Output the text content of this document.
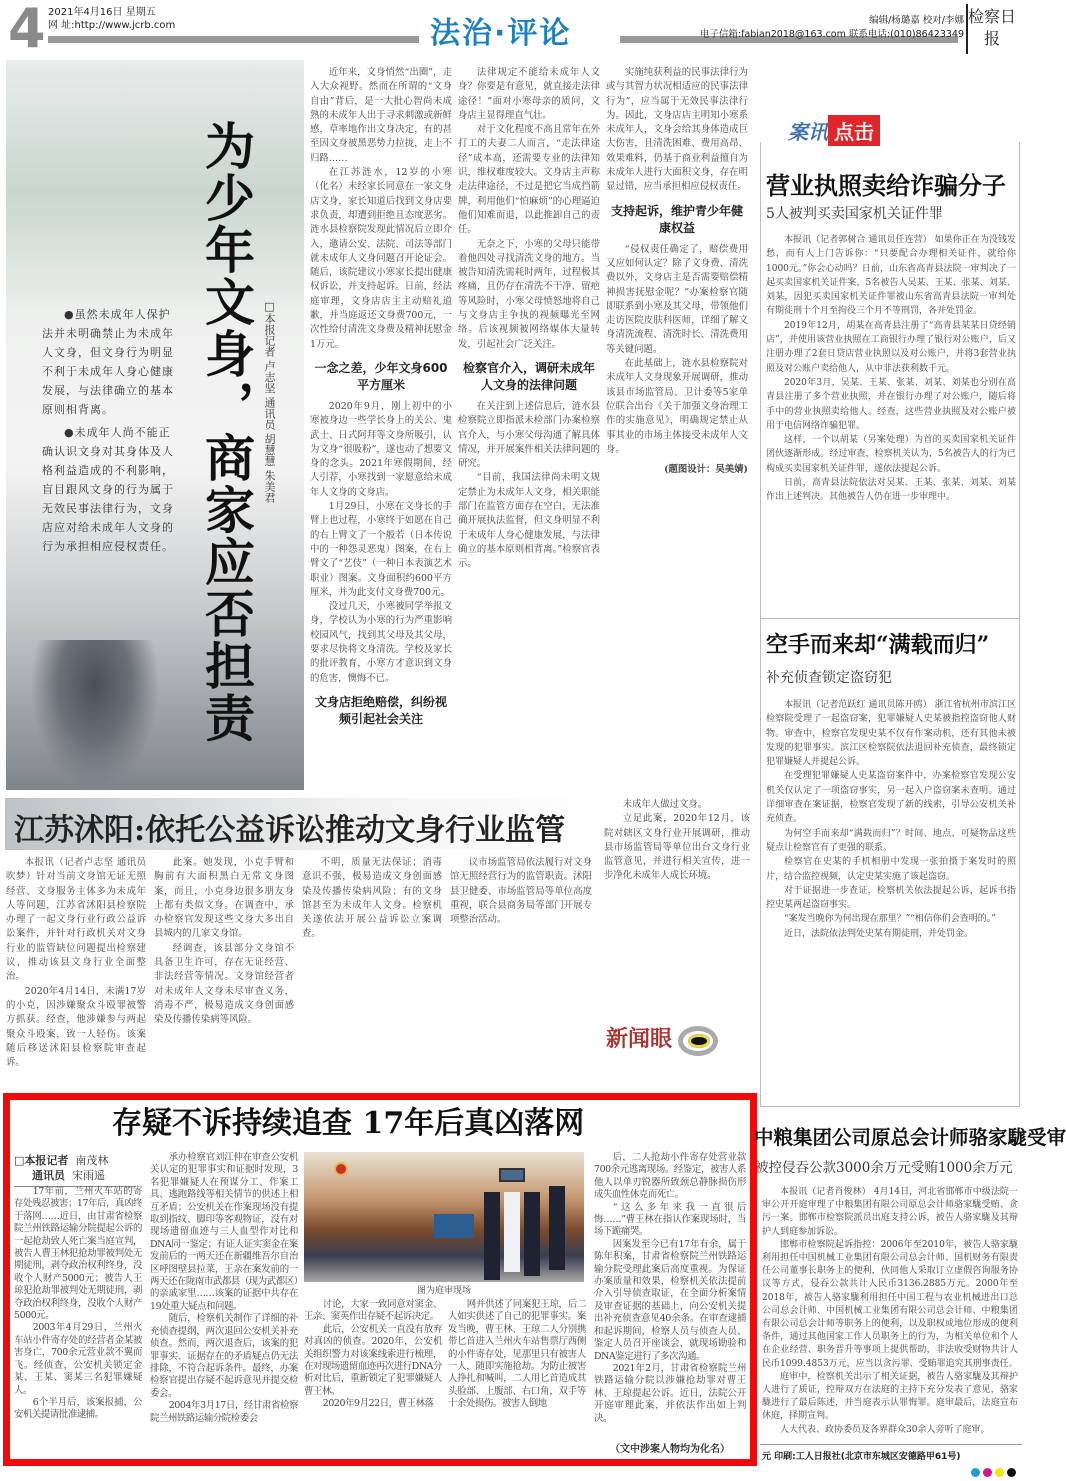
4 2021年4月16日 星期五
网 址:http://www.jcrb.com	法治·评论	编辑/杨璐嘉 校对/李娜
电子信箱:fabian2018@163.com 联系电话:(010)86423349
检察日报

●虽然未成年人保护法并未明确禁止为未成年人文身，但文身行为明显不利于未成年人身心健康发展，与法律确立的基本原则相背离。

●未成年人尚不能正确认识文身对其身体及人格利益造成的不利影响，盲目跟风文身的行为属于无效民事法律行为，文身店应对给未成年人文身的行为承担相应侵权责任。 为少年文身，商家应否担责 □本报记者 卢志坚 通讯员 胡慧慧 朱美君

近年来，文身悄然“出圈”，走入大众视野。然而在所谓的“文身自由”背后，是一大批心智尚未成熟的未成年人出于寻求刺激或新鲜感，草率地作出文身决定，有的甚至因文身被黑恶势力拉拢，走上不归路……

在江苏涟水，12岁的小寒（化名）未经家长同意在一家文身店文身，家长知道后找到文身店要求负责，却遭到拒绝且态度恶劣。涟水县检察院发现此情况后立即介入，邀请公安、法院、司法等部门就未成年人文身问题召开论证会。随后，该院建议小寒家长提出健康权诉讼，并支持起诉。日前，经法庭审理，文身店店主主动赔礼道歉，并当庭返还文身费700元，一次性给付清洗文身费及精神抚慰金1万元。

一念之差，少年文身600平方厘米

2020年9月，刚上初中的小寒被身边一些学长身上的关公、鬼武士、日式阿拜等文身所吸引，认为文身“很吸粉”，遂也动了想要文身的念头。2021年寒假期间，经人引荐，小寒找到一家愿意给未成年人文身的文身店。

1月29日，小寒在文身长的手臂上也过程，小寒终于如愿在自己的右上臂文了一个般若（日本传说中的一种怨灵恶鬼）图案，在右上臂文了“艺伎”（一种日本表演艺术职业）图案。文身面积约600平方厘米，并为此支付文身费700元。

没过几天，小寒被同学举报文身，学校认为小寒的行为严重影响校园风气，找到其父母及其父母，要求尽快将文身清洗。学校及家长的批评教育，小寒方才意识到文身的危害，懊悔不已。

文身店拒绝赔偿，纠纷视频引起社会关注

法律规定不能给未成年人文身？你要是有意见，就直接走法律途径！”面对小寒母亲的质问，文身店主显得理直气壮。

对于文化程度不高且常年在外打工的夫妻二人而言，“走法律途径”成本高，还需要专业的法律知识，维权难度较大。文身店主声称走法律途径，不过是把它当成挡箭牌，利用他们“怕麻烦”的心理逼迫他们知难而退，以此推卸自己的责任。

无奈之下，小寒的父母只能带着他四处寻找清洗文身的地方。当被告知清洗需耗时两年，过程极其疼痛，且仍存在清洗不干净、留疤等风险时，小寒父母愤怒地将自己与文身店主争执的视频曝光至网络。后该视频被网络媒体大量转发，引起社会广泛关注。

检察官介入，调研未成年人文身的法律问题

在关注到上述信息后，涟水县检察院立即指派未检部门办案检察官介入，与小寒父母沟通了解具体情况，并开展案件相关法律问题的研究。

“目前，我国法律尚未明文规定禁止为未成年人文身，相关职能部门在监管方面存在空白，无法准确开展执法监督，但文身明显不利于未成年人身心健康发展，与法律确立的基本原则相背离。”检察官表示。

实施纯获利益的民事法律行为或与其智力状况相适应的民事法律行为”，应当属于无效民事法律行为。因此，文身店店主明知小寒系未成年人，文身会给其身体造成巨大伤害，且清洗困难、费用高昂、效果难料，仍基于商业利益擅自为未成年人进行大面积文身，存在明显过错，应当承担相应侵权责任。

支持起诉，维护青少年健康权益

“侵权责任确定了，赔偿费用又应如何认定？除了文身费、清洗费以外，文身店主是否需要赔偿精神损害抚慰金呢？”办案检察官随即联系到小寒及其父母，带领他们走访医院皮肤科医师，详细了解文身清洗流程、清洗时长、清洗费用等关键问题。

在此基础上，涟水县检察院对未成年人文身现象开展调研，推动该县市场监管局、卫计委等5家单位联合出台《关于加强文身治理工作的实施意见》，明确规定禁止从事其业的市场主体接受未成年人文身。

(题图设计：吴美婧)
江苏沭阳:依托公益诉讼推动文身行业监管

本报讯（记者卢志坚 通讯员吹梦）针对当前文身馆无证无照经营、文身服务主体多为未成年人等问题，江苏省沭阳县检察院办理了一起文身行业行政公益诉讼案件，并针对行政机关对文身行业的监管缺位问题提出检察建议，推动该县文身行业全面整治。

2020年4月14日，未满17岁的小克，因涉嫌聚众斗殴罪被警方抓获。经查，他涉嫌参与两起聚众斗殴案，致一人轻伤。该案随后移送沭阳县检察院审查起诉。

此案。她发现，小克手臂和胸前有大面积黑白无常文身图案，而且，小克身边很多朋友身上都有类似文身。在调查中，承办检察官发现这些文身大多出自县城内的几家文身馆。

经调查，该县部分文身馆不具备卫生许可，存在无证经营、非法经营等情况。文身馆经营者对未成年人文身未尽审查义务，消毒不严，极易造成文身创面感染及传播传染病等风险。

不明，质量无法保证；消毒意识不强，极易造成文身创面感染及传播传染病风险；有的文身馆甚至为未成年人文身。检察机关遂依法开展公益诉讼立案调查。

议市场监管局依法履行对文身馆无照经营行为的监管职责。沭阳县卫健委、市场监管局等单位高度重视，联合县商务局等部门开展专项整治活动。

未成年人做过文身。

立足此案，2020年12月，该院对辖区文身行业开展调研，推动县市场监管局等单位出台文身行业监管意见，并进行相关宣传，进一步净化未成年人成长环境。

新闻眼
存疑不诉持续追查 17年后真凶落网
□本报记者 南茂林
通讯员 宋雨遥

17年前，兰州火车站的寄存处残忍被害；17年后，真凶终于落网……近日，由甘肃省检察院兰州铁路运输分院提起公诉的一起抢劫致人死亡案当庭宣判，被告人曹王林犯抢劫罪被判处无期徒刑，剥夺政治权利终身，没收个人财产5000元；被告人王琼犯抢劫罪被判处无期徒刑，剥夺政治权利终身，没收个人财产5000元。

2003年4月29日，兰州火车站小件寄存处的经营者金某被害身亡，700余元营业款不翼而飞。经侦查，公安机关锁定金某、王某、窦某三名犯罪嫌疑人。

6个半月后，该案报捕，公安机关提请批准逮捕。

承办检察官刘江仲在审查公安机关认定的犯罪事实和证据时发现，3名犯罪嫌疑人在预谋分工、作案工具、逃跑路线等相关情节的供述上相互矛盾；公安机关在作案现场没有提取到指纹、脚印等客观物证，没有对现场遗留血迹与三人血型作对比和DNA同一鉴定；有证人证实窦金在案发前后的一两天还在新疆维吾尔自治区呼图壁县拉菜，王亲在案发前的一两天还在陇南市武都县（现为武都区）的亲戚家里……该案的证据中共存在19处重大疑点和问题。

随后，检察机关制作了详细的补充侦查提纲，两次退回公安机关补充侦查。然而，两次退查后，该案的犯罪事实、证据存在的矛盾疑点仍无法排除，不符合起诉条件。最终，办案检察官提出存疑不起诉意见并提交检委会。

2004年3月17日，经甘肃省检察院兰州铁路运输分院检委会

图为庭审现场

讨论，大家一致同意对窦金、王亲、窦英作出存疑不起诉决定。

此后，公安机关一直没有放弃对真凶的侦查。2020年，公安机关组织警力对该案线索进行梳理，在对现场遗留血迹再次进行DNA分析对比后，重新锁定了犯罪嫌疑人曹王林。

2020年9月22日，曹王林落

网并供述了同案犯王琼，后二人如实供述了自己的犯罪事实。案发当晚，曹王林、王琼二人分别携带匕首进入兰州火车站售票厅西侧的小件寄存处，见那里只有被害人一人，随即实施抢劫。为防止被害人挣扎和喊叫，二人用匕首造成其头脸部、上腹部、右口角，双手等十余处损伤。被害人倒地

后，二人抢劫小件寄存处营业款700余元逃离现场。经鉴定，被害人系他人以单刃锐器所致颈总静脉损伤形成失血性休克而死亡。

“这么多年来我一直很后悔……”曹王林在指认作案现场时，当场下跪痛哭。

因案发至今已有17年有余，属于陈年积案，甘肃省检察院兰州铁路运输分院受理此案后高度重视。为保证办案质量和效果，检察机关依法提前介入引导侦查取证，在全面分析案情及审查证据的基础上，向公安机关提出补充侦查意见40余条。在审查逮捕和起诉期间，检察人员与侦查人员、鉴定人员召开座谈会，就现场勘验和DNA鉴定进行了多次沟通。

2021年2月，甘肃省检察院兰州铁路运输分院以涉嫌抢劫罪对曹王林、王琼提起公诉。近日，法院公开开庭审理此案，并依法作出如上判决。

（文中涉案人物均为化名）
案讯 点击
营业执照卖给诈骗分子
5人被判买卖国家机关证件罪

本报讯（记者郭树合 通讯员任连营） 如果你正在为没钱发愁，而有人上门告诉你：“只要配合办理相关证件，就给你1000元。”你会心动吗？日前，山东省高青县法院一审判决了一起买卖国家机关证件案，5名被告人吴某、王某、张某、刘某、刘某，因犯买卖国家机关证件罪被山东省高青县法院一审判处有期徒刑十个月至拘役三个月不等刑罚，各并处罚金。

2019年12月，胡某在高青县注册了“高青县某某日贷经销店”，并使用该营业执照在工商银行办理了银行对公账户，后又注册办理了2套日贷店营业执照以及对公账户，并将3套营业执照及对公账户卖给他人，从中非法获利数千元。

2020年3月，吴某、王某、张某、刘某、刘某也分别在高青县注册了多个营业执照，并在银行办理了对公账户，随后将手中的营业执照卖给他人。经查，这些营业执照及对公账户被用于电信网络诈骗犯罪。

这样，一个以胡某（另案处理）为首的买卖国家机关证件团伙逐渐形成。经过审查，检察机关认为，5名被告人的行为已构成买卖国家机关证件罪，遂依法提起公诉。

日前，高青县法院依法对吴某、王某、张某、刘某、刘某作出上述判决。其他被告人仍在进一步审理中。

空手而来却“满载而归”
补充侦查锁定盗窃犯

本报讯（记者范跃红 通讯员陈开鸥） 浙江省杭州市滨江区检察院受理了一起盗窃案，犯罪嫌疑人史某被指控盗窃他人财物。审查中，检察官发现史某不仅有作案动机，还有其他未被发现的犯罪事实。滨江区检察院依法退回补充侦查，最终锁定犯罪嫌疑人并提起公诉。

在受理犯罪嫌疑人史某盗窃案件中，办案检察官发现公安机关仅认定了一项盗窃事实，另一起入户盗窃案未查明。通过详细审查在案证据，检察官发现了新的线索，引导公安机关补充侦查。

为何空手而来却“满载而归”？时间、地点、可疑物品这些疑点让检察官有了更强的联系。

检察官在史某的手机相册中发现一张拍摄于案发时的照片，结合监控视频，认定史某实施了该起盗窃。

对于证据进一步查证，检察机关依法提起公诉，起诉书指控史某两起盗窃事实。

“案发当晚你为何出现在那里？”“相信你们会查明的。”

近日，法院依法判处史某有期徒刑，并处罚金。

中粮集团公司原总会计师骆家駹受审
被控侵吞公款3000余万元受贿1000余万元

本报讯（记者肖俊林） 4月14日，河北省邯郸市中级法院一审公开开庭审理了中粮集团有限公司原总会计师骆家駹受贿、贪污一案。邯郸市检察院派员出庭支持公诉，被告人骆家駹及其辩护人到庭参加诉讼。

邯郸市检察院起诉指控：2006年至2010年，被告人骆家駹利用担任中国机械工业集团有限公司总会计师、国机财务有限责任公司董事长职务上的便利，伙同他人采取订立虚假咨询服务协议等方式，侵吞公款共计人民币3136.2885万元。2000年至2018年，被告人骆家駹利用担任中国工程与农业机械进出口总公司总会计师、中国机械工业集团有限公司总会计师、中粮集团有限公司总会计师等职务上的便利，以及职权或地位形成的便利条件，通过其他国家工作人员职务上的行为，为相关单位和个人在企业经营、职务晋升等事项上提供帮助，非法收受财物共计人民币1099.4853万元，应当以贪污罪、受贿罪追究其刑事责任。

庭审中，检察机关出示了相关证据，被告人骆家駹及其辩护人进行了质证，控辩双方在法庭的主持下充分发表了意见，骆家駹进行了最后陈述，并当庭表示认罪悔罪。庭审最后，法庭宣布休庭，择期宣判。

人大代表、政协委员及各界群众30余人旁听了庭审。

元 印刷:工人日报社(北京市东城区安德路甲61号)
